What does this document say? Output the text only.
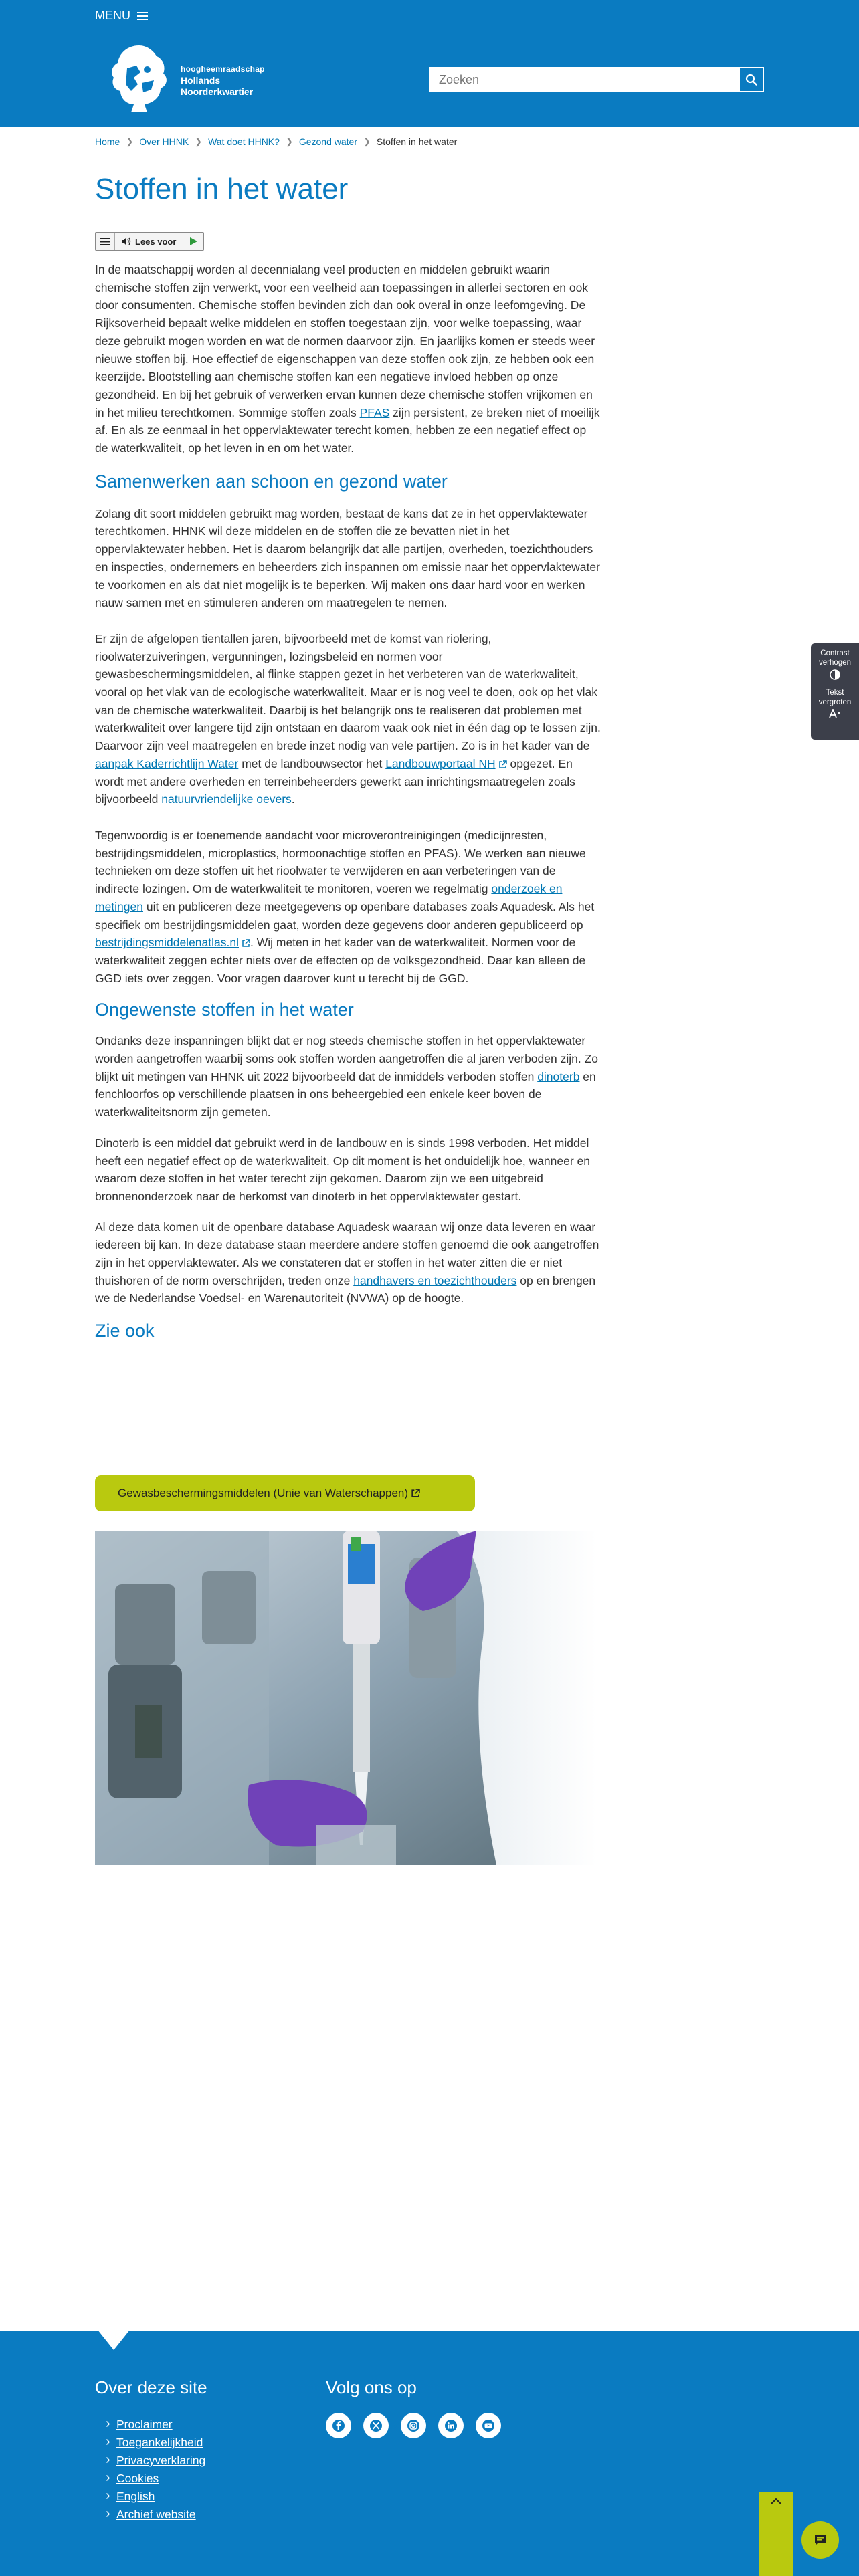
MENU
hoogheemraadschap
Hollands
Noorderkwartier
Zoeken
Home ❯ Over HHNK ❯ Wat doet HHNK? ❯ Gezond water ❯ Stoffen in het water
Stoffen in het water
Lees voor

In de maatschappij worden al decennialang veel producten en middelen gebruikt waarin chemische stoffen zijn verwerkt, voor een veelheid aan toepassingen in allerlei sectoren en ook door consumenten. Chemische stoffen bevinden zich dan ook overal in onze leefomgeving. De Rijksoverheid bepaalt welke middelen en stoffen toegestaan zijn, voor welke toepassing, waar deze gebruikt mogen worden en wat de normen daarvoor zijn. En jaarlijks komen er steeds weer nieuwe stoffen bij. Hoe effectief de eigenschappen van deze stoffen ook zijn, ze hebben ook een keerzijde. Blootstelling aan chemische stoffen kan een negatieve invloed hebben op onze gezondheid. En bij het gebruik of verwerken ervan kunnen deze chemische stoffen vrijkomen en in het milieu terechtkomen. Sommige stoffen zoals PFAS zijn persistent, ze breken niet of moeilijk af. En als ze eenmaal in het oppervlaktewater terecht komen, hebben ze een negatief effect op de waterkwaliteit, op het leven in en om het water.

Samenwerken aan schoon en gezond water

Zolang dit soort middelen gebruikt mag worden, bestaat de kans dat ze in het oppervlaktewater terechtkomen. HHNK wil deze middelen en de stoffen die ze bevatten niet in het oppervlaktewater hebben. Het is daarom belangrijk dat alle partijen, overheden, toezichthouders en inspecties, ondernemers en beheerders zich inspannen om emissie naar het oppervlaktewater te voorkomen en als dat niet mogelijk is te beperken. Wij maken ons daar hard voor en werken nauw samen met en stimuleren anderen om maatregelen te nemen.

Er zijn de afgelopen tientallen jaren, bijvoorbeeld met de komst van riolering, rioolwaterzuiveringen, vergunningen, lozingsbeleid en normen voor gewasbeschermingsmiddelen, al flinke stappen gezet in het verbeteren van de waterkwaliteit, vooral op het vlak van de ecologische waterkwaliteit. Maar er is nog veel te doen, ook op het vlak van de chemische waterkwaliteit. Daarbij is het belangrijk ons te realiseren dat problemen met waterkwaliteit over langere tijd zijn ontstaan en daarom vaak ook niet in één dag op te lossen zijn. Daarvoor zijn veel maatregelen en brede inzet nodig van vele partijen. Zo is in het kader van de aanpak Kaderrichtlijn Water met de landbouwsector het Landbouwportaal NH opgezet. En wordt met andere overheden en terreinbeheerders gewerkt aan inrichtingsmaatregelen zoals bijvoorbeeld natuurvriendelijke oevers.

Tegenwoordig is er toenemende aandacht voor microverontreinigingen (medicijnresten, bestrijdingsmiddelen, microplastics, hormoonachtige stoffen en PFAS). We werken aan nieuwe technieken om deze stoffen uit het rioolwater te verwijderen en aan verbeteringen van de indirecte lozingen. Om de waterkwaliteit te monitoren, voeren we regelmatig onderzoek en metingen uit en publiceren deze meetgegevens op openbare databases zoals Aquadesk. Als het specifiek om bestrijdingsmiddelen gaat, worden deze gegevens door anderen gepubliceerd op bestrijdingsmiddelenatlas.nl . Wij meten in het kader van de waterkwaliteit. Normen voor de waterkwaliteit zeggen echter niets over de effecten op de volksgezondheid. Daar kan alleen de GGD iets over zeggen. Voor vragen daarover kunt u terecht bij de GGD.

Ongewenste stoffen in het water

Ondanks deze inspanningen blijkt dat er nog steeds chemische stoffen in het oppervlaktewater worden aangetroffen waarbij soms ook stoffen worden aangetroffen die al jaren verboden zijn. Zo blijkt uit metingen van HHNK uit 2022 bijvoorbeeld dat de inmiddels verboden stoffen dinoterb en fenchloorfos op verschillende plaatsen in ons beheergebied een enkele keer boven de waterkwaliteitsnorm zijn gemeten.

Dinoterb is een middel dat gebruikt werd in de landbouw en is sinds 1998 verboden. Het middel heeft een negatief effect op de waterkwaliteit. Op dit moment is het onduidelijk hoe, wanneer en waarom deze stoffen in het water terecht zijn gekomen. Daarom zijn we een uitgebreid bronnenonderzoek naar de herkomst van dinoterb in het oppervlaktewater gestart.

Al deze data komen uit de openbare database Aquadesk waaraan wij onze data leveren en waar iedereen bij kan. In deze database staan meerdere andere stoffen genoemd die ook aangetroffen zijn in het oppervlaktewater. Als we constateren dat er stoffen in het water zitten die er niet thuishoren of de norm overschrijden, treden onze handhavers en toezichthouders op en brengen we de Nederlandse Voedsel- en Warenautoriteit (NVWA) op de hoogte.

Zie ook
Gewasbeschermingsmiddelen (Unie van Waterschappen)
Contrast verhogen
Tekst vergroten
Over deze site
› Proclaimer
› Toegankelijkheid
› Privacyverklaring
› Cookies
› English
› Archief website
Volg ons op
